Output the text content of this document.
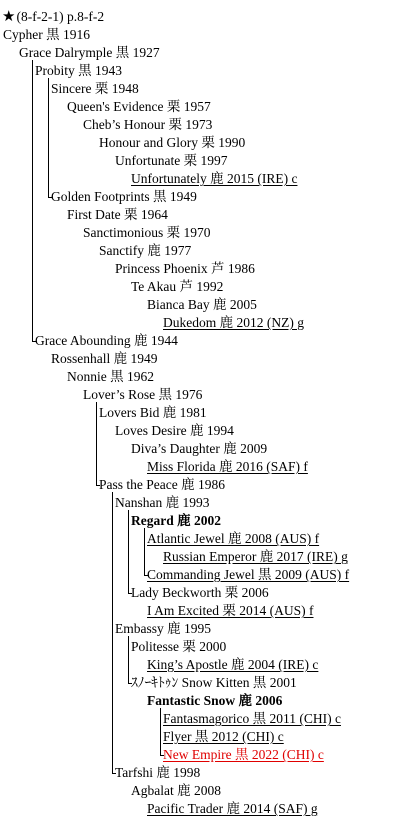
★(8-f-2-1) p.8-f-2
Cypher 黒 1916
Grace Dalrymple 黒 1927
Probity 黒 1943
Sincere 栗 1948
Queen's Evidence 栗 1957
Cheb’s Honour 栗 1973
Honour and Glory 栗 1990
Unfortunate 栗 1997
Unfortunately 鹿 2015 (IRE) c
Golden Footprints 黒 1949
First Date 栗 1964
Sanctimonious 栗 1970
Sanctify 鹿 1977
Princess Phoenix 芦 1986
Te Akau 芦 1992
Bianca Bay 鹿 2005
Dukedom 鹿 2012 (NZ) g
Grace Abounding 鹿 1944
Rossenhall 鹿 1949
Nonnie 黒 1962
Lover’s Rose 黒 1976
Lovers Bid 鹿 1981
Loves Desire 鹿 1994
Diva’s Daughter 鹿 2009
Miss Florida 鹿 2016 (SAF) f
Pass the Peace 鹿 1986
Nanshan 鹿 1993
Regard 鹿 2002
Atlantic Jewel 鹿 2008 (AUS) f
Russian Emperor 鹿 2017 (IRE) g
Commanding Jewel 黒 2009 (AUS) f
Lady Beckworth 栗 2006
I Am Excited 栗 2014 (AUS) f
Embassy 鹿 1995
Politesse 栗 2000
King’s Apostle 鹿 2004 (IRE) c
ｽﾉｰｷﾄｩﾝ Snow Kitten 黒 2001
Fantastic Snow 鹿 2006
Fantasmagorico 黒 2011 (CHI) c
Flyer 黒 2012 (CHI) c
New Empire 黒 2022 (CHI) c
Tarfshi 鹿 1998
Agbalat 鹿 2008
Pacific Trader 鹿 2014 (SAF) g
